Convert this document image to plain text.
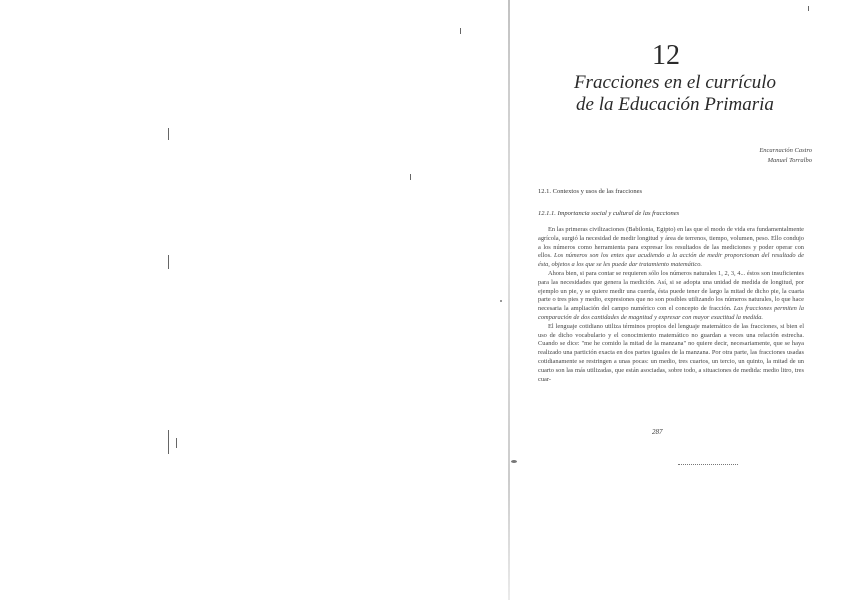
12
Fracciones en el currículo
de la Educación Primaria
Encarnación Castro
Manuel Torralbo
12.1. Contextos y usos de las fracciones
12.1.1. Importancia social y cultural de las fracciones

En las primeras civilizaciones (Babilonia, Egipto) en las que el modo de vida era fundamentalmente agrícola, surgió la necesidad de medir longitud y área de terrenos, tiempo, volumen, peso. Ello condujo a los números como herramienta para expresar los resultados de las mediciones y poder operar con ellos. Los números son los entes que acudiendo a la acción de medir proporcionan del resultado de ésta, objetos a los que se les puede dar tratamiento matemático.

Ahora bien, si para contar se requieren sólo los números naturales 1, 2, 3, 4... éstos son insuficientes para las necesidades que genera la medición. Así, si se adopta una unidad de medida de longitud, por ejemplo un pie, y se quiere medir una cuerda, ésta puede tener de largo la mitad de dicho pie, la cuarta parte o tres pies y medio, expresiones que no son posibles utilizando los números naturales, lo que hace necesaria la ampliación del campo numérico con el concepto de fracción. Las fracciones permiten la comparación de dos cantidades de magnitud y expresar con mayor exactitud la medida.

El lenguaje cotidiano utiliza términos propios del lenguaje matemático de las fracciones, si bien el uso de dicho vocabulario y el conocimiento matemático no guardan a veces una relación estrecha. Cuando se dice: "me he comido la mitad de la manzana" no quiere decir, necesariamente, que se haya realizado una partición exacta en dos partes iguales de la manzana. Por otra parte, las fracciones usadas cotidianamente se restringen a unas pocas: un medio, tres cuartos, un tercio, un quinto, la mitad de un cuarto son las más utilizadas, que están asociadas, sobre todo, a situaciones de medida: medio litro, tres cuar-

287
